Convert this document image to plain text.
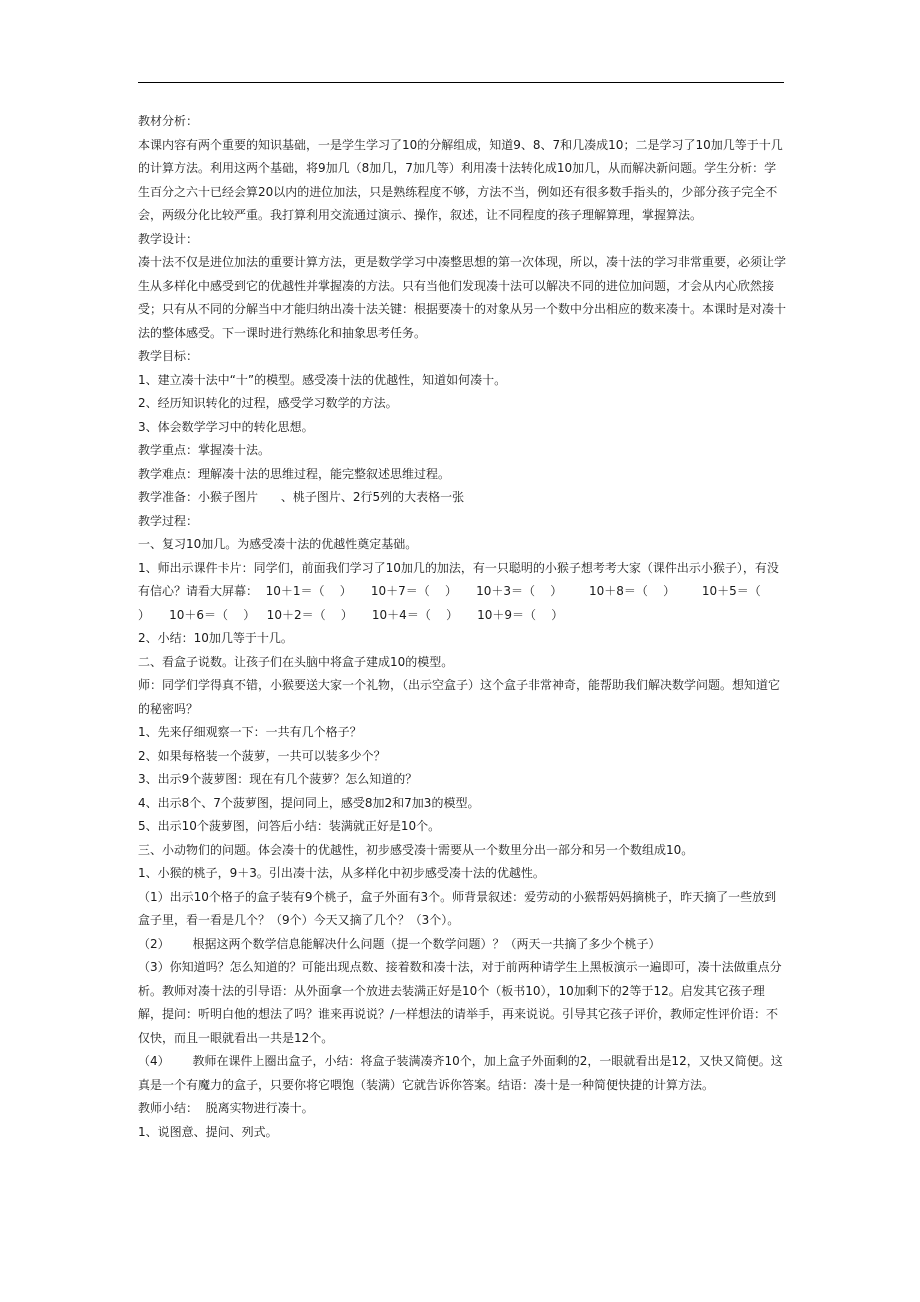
教材分析：

本课内容有两个重要的知识基础，一是学生学习了10的分解组成，知道9、8、7和几凑成10；二是学习了10加几等于十几的计算方法。利用这两个基础，将9加几（8加几，7加几等）利用凑十法转化成10加几，从而解决新问题。学生分析：学生百分之六十已经会算20以内的进位加法，只是熟练程度不够，方法不当，例如还有很多数手指头的，少部分孩子完全不会，两级分化比较严重。我打算利用交流通过演示、操作，叙述，让不同程度的孩子理解算理，掌握算法。

教学设计：

凑十法不仅是进位加法的重要计算方法，更是数学学习中凑整思想的第一次体现，所以，凑十法的学习非常重要，必须让学生从多样化中感受到它的优越性并掌握凑的方法。只有当他们发现凑十法可以解决不同的进位加问题，才会从内心欣然接受；只有从不同的分解当中才能归纳出凑十法关键：根据要凑十的对象从另一个数中分出相应的数来凑十。本课时是对凑十法的整体感受。下一课时进行熟练化和抽象思考任务。

教学目标：

1、建立凑十法中“十”的模型。感受凑十法的优越性，知道如何凑十。

2、经历知识转化的过程，感受学习数学的方法。

3、体会数学学习中的转化思想。

教学重点：掌握凑十法。

教学难点：理解凑十法的思维过程，能完整叙述思维过程。

教学准备：小猴子图片      、桃子图片、2行5列的大表格一张

教学过程：

一、复习10加几。为感受凑十法的优越性奠定基础。

1、师出示课件卡片：同学们，前面我们学习了10加几的加法，有一只聪明的小猴子想考考大家（课件出示小猴子），有没有信心？请看大屏幕：  10＋1＝（    ）     10＋7＝（    ）     10＋3＝（    ）       10＋8＝（    ）       10＋5＝（    ）     10＋6＝（    ）   10＋2＝（    ）     10＋4＝（    ）     10＋9＝（    ）

2、小结：10加几等于十几。

二、看盒子说数。让孩子们在头脑中将盒子建成10的模型。

师：同学们学得真不错，小猴要送大家一个礼物，（出示空盒子）这个盒子非常神奇，能帮助我们解决数学问题。想知道它的秘密吗？

1、先来仔细观察一下：一共有几个格子？

2、如果每格装一个菠萝，一共可以装多少个？

3、出示9个菠萝图：现在有几个菠萝？怎么知道的？

4、出示8个、7个菠萝图，提问同上，感受8加2和7加3的模型。

5、出示10个菠萝图，问答后小结：装满就正好是10个。

三、小动物们的问题。体会凑十的优越性，初步感受凑十需要从一个数里分出一部分和另一个数组成10。

1、小猴的桃子，9＋3。引出凑十法，从多样化中初步感受凑十法的优越性。

（1）出示10个格子的盒子装有9个桃子，盒子外面有3个。师背景叙述：爱劳动的小猴帮妈妈摘桃子，昨天摘了一些放到盒子里，看一看是几个？（9个）今天又摘了几个？（3个）。

（2）      根据这两个数学信息能解决什么问题（提一个数学问题）？（两天一共摘了多少个桃子）

（3）你知道吗？怎么知道的？可能出现点数、接着数和凑十法，对于前两种请学生上黑板演示一遍即可，凑十法做重点分析。教师对凑十法的引导语：从外面拿一个放进去装满正好是10个（板书10），10加剩下的2等于12。启发其它孩子理解，提问：听明白他的想法了吗？谁来再说说？/一样想法的请举手，再来说说。引导其它孩子评价，教师定性评价语：不仅快，而且一眼就看出一共是12个。

（4）      教师在课件上圈出盒子，小结：将盒子装满凑齐10个，加上盒子外面剩的2，一眼就看出是12，又快又简便。这真是一个有魔力的盒子，只要你将它喂饱（装满）它就告诉你答案。结语：凑十是一种简便快捷的计算方法。

教师小结：  脱离实物进行凑十。

1、说图意、提问、列式。
